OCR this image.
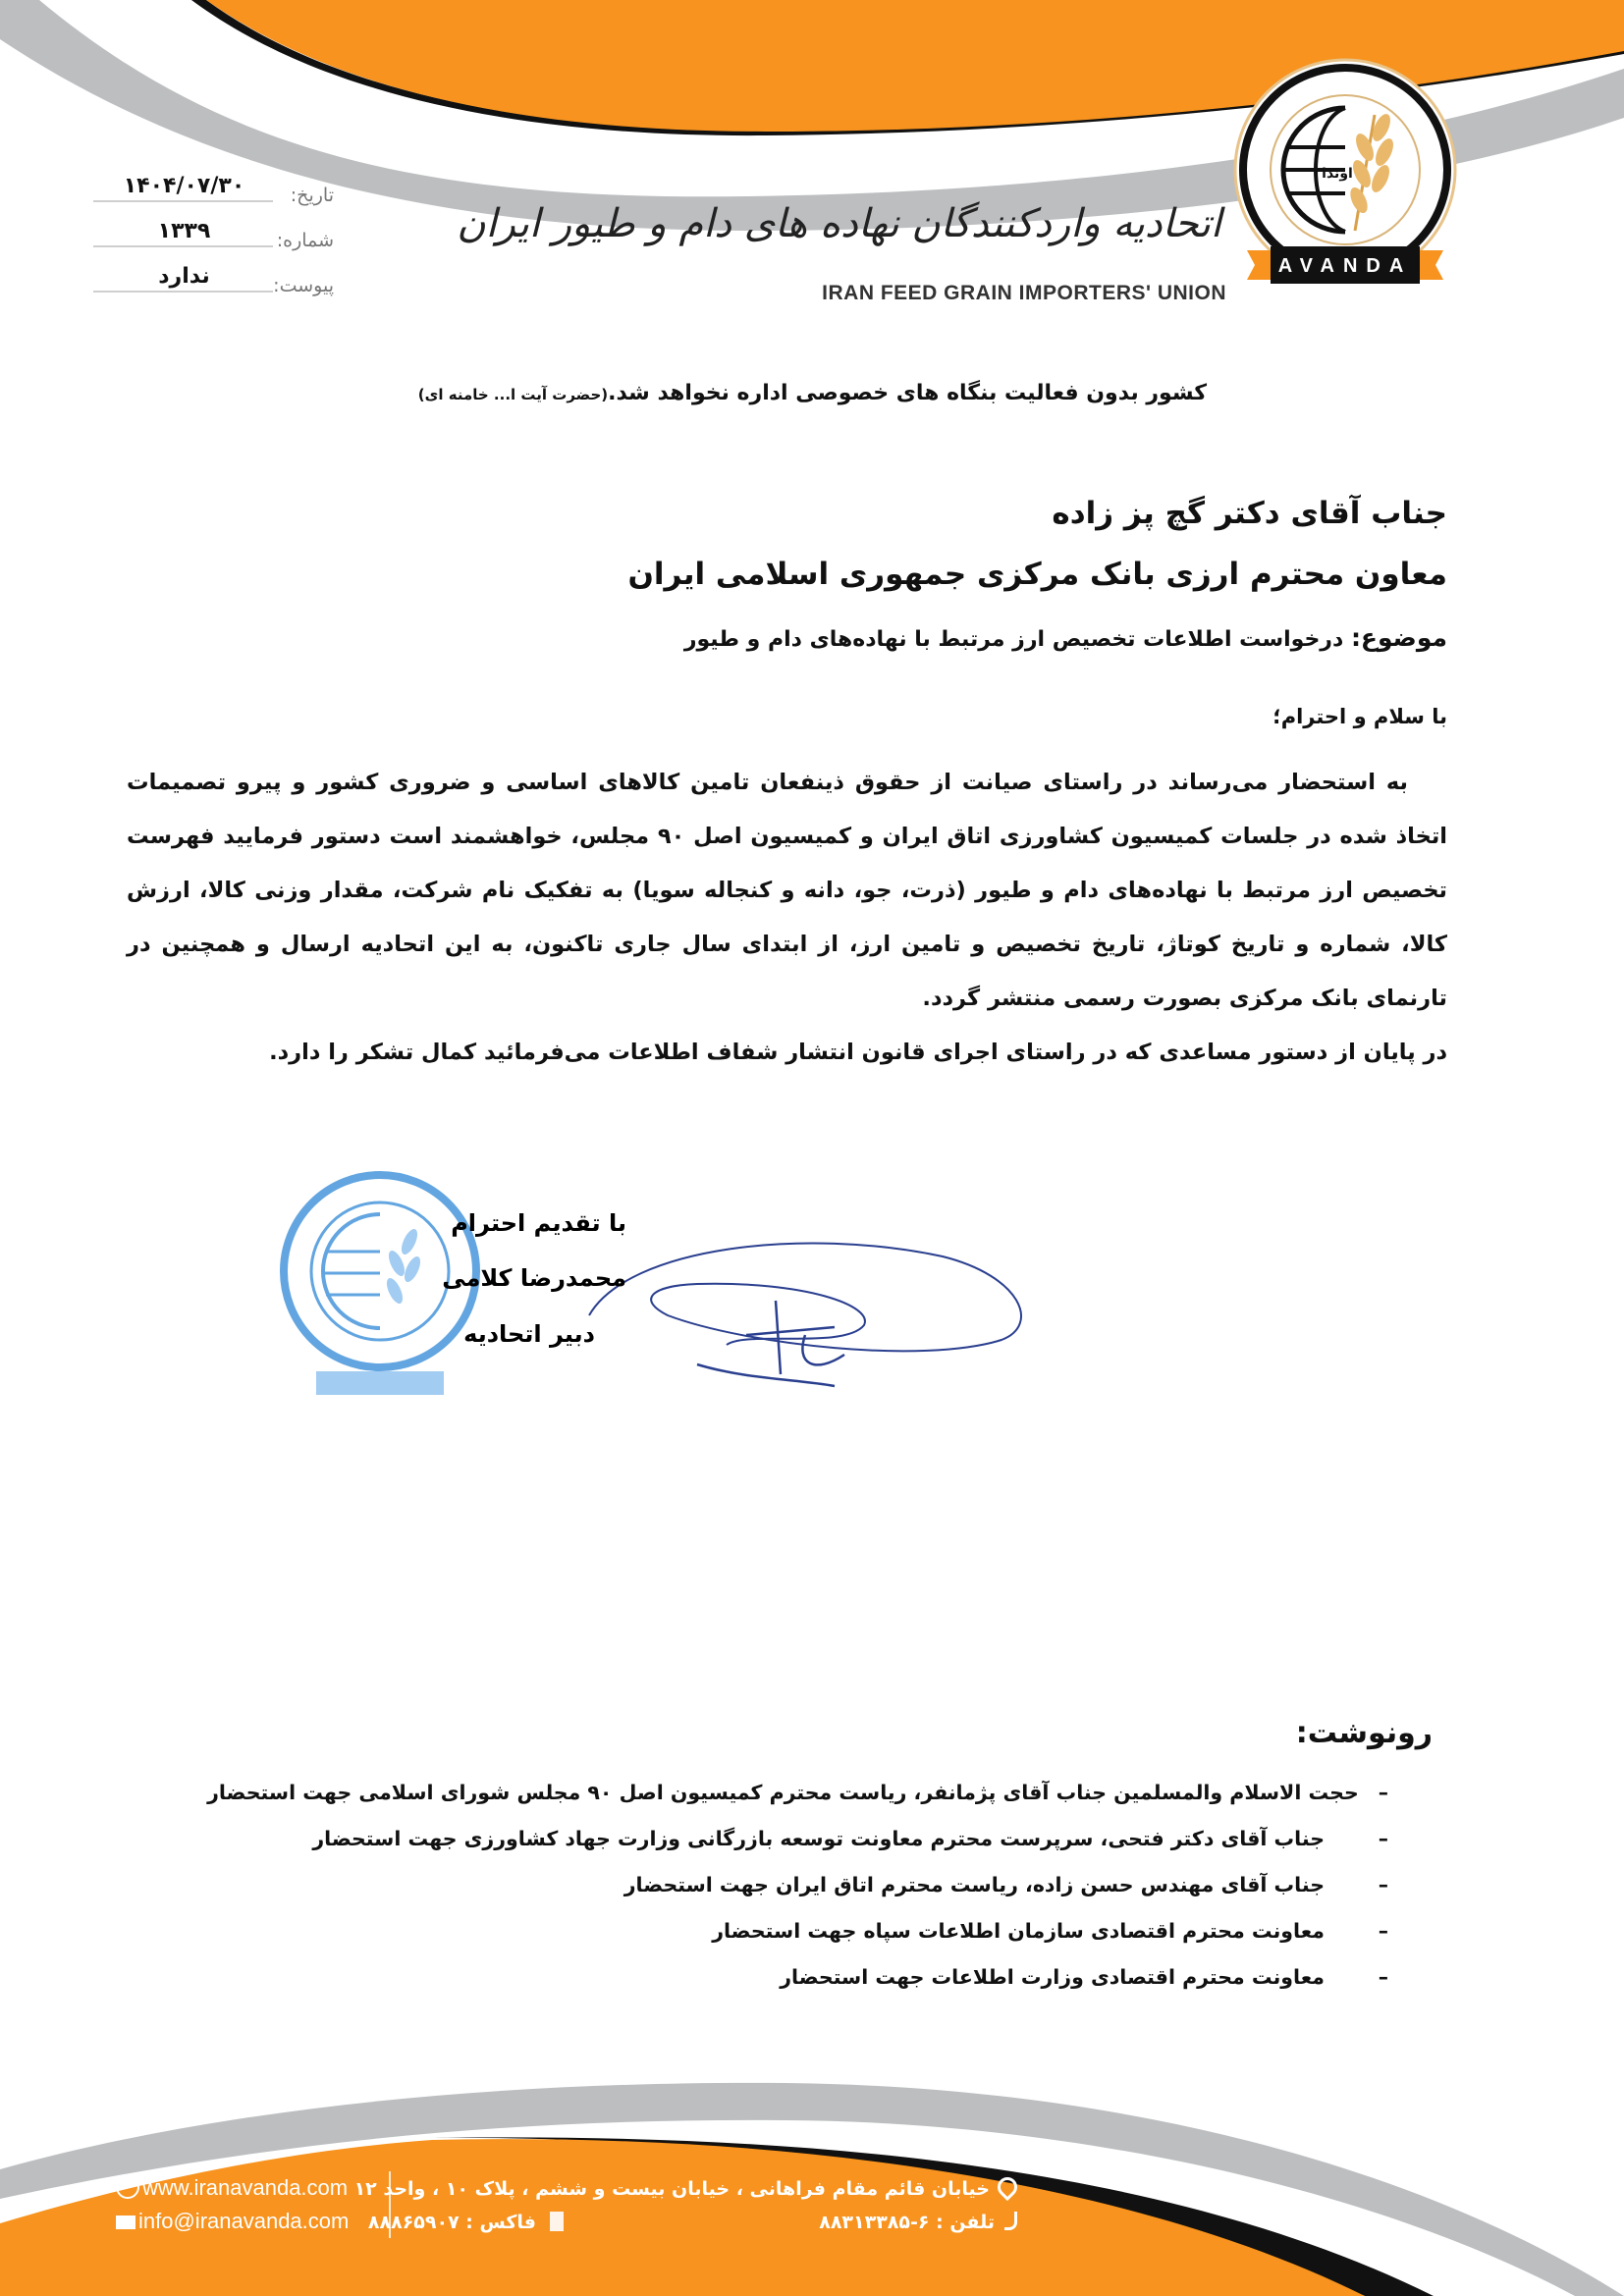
اوندا
AVANDA
تاریخ:
۱۴۰۴/۰۷/۳۰
شماره:
۱۳۳۹
پیوست:
ندارد
اتحادیه واردکنندگان نهاده های دام و طیور ایران
IRAN FEED GRAIN IMPORTERS' UNION
کشور بدون فعالیت بنگاه های خصوصی اداره نخواهد شد.(حضرت آیت ا... خامنه ای)
جناب آقای دکتر گچ پز زاده
معاون محترم ارزی بانک مرکزی جمهوری اسلامی ایران
موضوع: درخواست اطلاعات تخصیص ارز مرتبط با نهاده‌های دام و طیور
با سلام و احترام؛

به استحضار می‌رساند در راستای صیانت از حقوق ذینفعان تامین کالاهای اساسی و ضروری کشور و پیرو تصمیمات اتخاذ شده در جلسات کمیسیون کشاورزی اتاق ایران و کمیسیون اصل ۹۰ مجلس، خواهشمند است دستور فرمایید فهرست تخصیص ارز مرتبط با نهاده‌های دام و طیور (ذرت، جو، دانه و کنجاله سویا) به تفکیک نام شرکت، مقدار وزنی کالا، ارزش کالا، شماره و تاریخ کوتاژ، تاریخ تخصیص و تامین ارز، از ابتدای سال جاری تاکنون، به این اتحادیه ارسال و همچنین در تارنمای بانک مرکزی بصورت رسمی منتشر گردد.

در پایان از دستور مساعدی که در راستای اجرای قانون انتشار شفاف اطلاعات می‌فرمائید کمال تشکر را دارد.

با تقدیم احترام
محمدرضا کلامی
دبیر اتحادیه
رونوشت:
–
حجت الاسلام والمسلمین جناب آقای پژمانفر، ریاست محترم کمیسیون اصل ۹۰ مجلس شورای اسلامی جهت استحضار
–
جناب آقای دکتر فتحی، سرپرست محترم معاونت توسعه بازرگانی وزارت جهاد کشاورزی جهت استحضار
–
جناب آقای مهندس حسن زاده، ریاست محترم اتاق ایران جهت استحضار
–
معاونت محترم اقتصادی سازمان اطلاعات سپاه جهت استحضار
–
معاونت محترم اقتصادی وزارت اطلاعات جهت استحضار
www.iranavanda.com
info@iranavanda.com
خیابان قائم مقام فراهانی ، خیابان بیست و ششم ، پلاک ۱۰ ، واحد ۱۲
تلفن : ۶-۸۸۳۱۳۳۸۵
فاکس : ۸۸۸۶۵۹۰۷
